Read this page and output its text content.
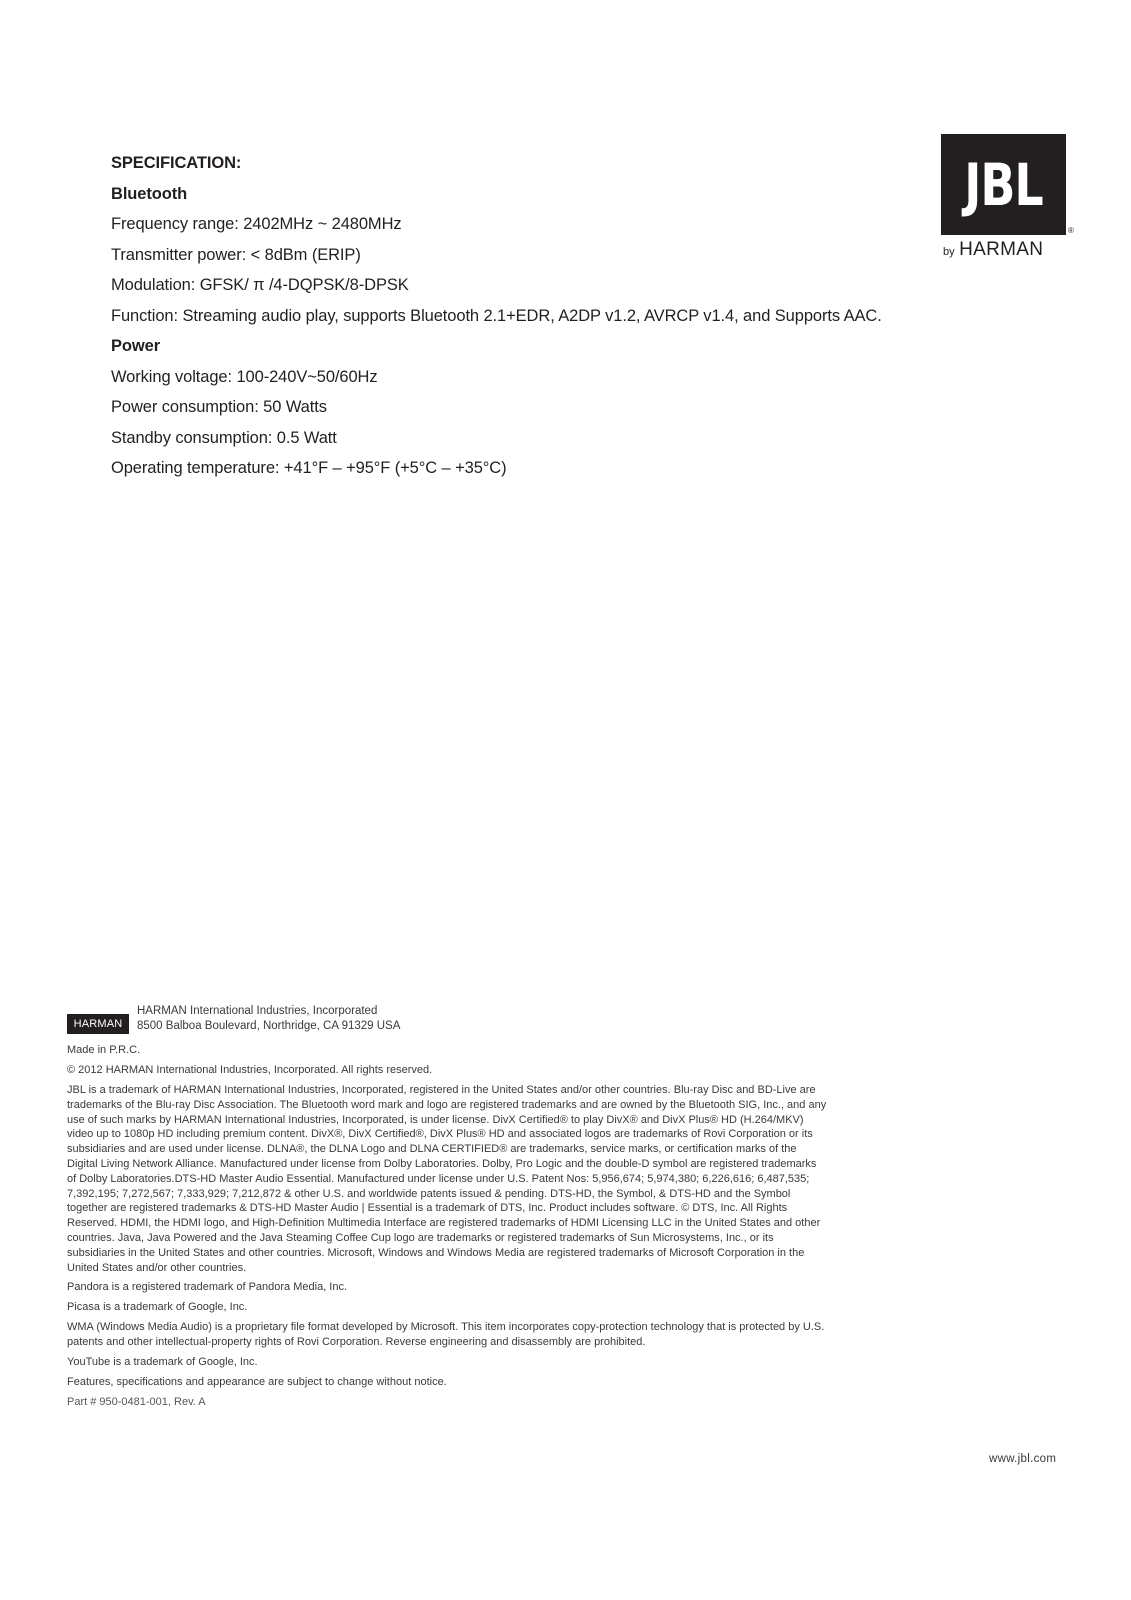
SPECIFICATION:
Bluetooth
Frequency range: 2402MHz ~ 2480MHz
Transmitter power: < 8dBm (ERIP)
Modulation: GFSK/ π /4-DQPSK/8-DPSK
Function: Streaming audio play, supports Bluetooth 2.1+EDR, A2DP v1.2, AVRCP v1.4, and Supports AAC.
Power
Working voltage: 100-240V~50/60Hz
Power consumption: 50 Watts
Standby consumption: 0.5 Watt
Operating temperature: +41°F – +95°F (+5°C – +35°C)
JBL
®
by HARMAN
HARMAN
HARMAN International Industries, Incorporated
8500 Balboa Boulevard, Northridge, CA 91329 USA

Made in P.R.C.

© 2012 HARMAN International Industries, Incorporated. All rights reserved.

JBL is a trademark of HARMAN International Industries, Incorporated, registered in the United States and/or other countries. Blu-ray Disc and BD-Live are trademarks of the Blu-ray Disc Association. The Bluetooth word mark and logo are registered trademarks and are owned by the Bluetooth SIG, Inc., and any use of such marks by HARMAN International Industries, Incorporated, is under license. DivX Certified® to play DivX® and DivX Plus® HD (H.264/MKV) video up to 1080p HD including premium content. DivX®, DivX Certified®, DivX Plus® HD and associated logos are trademarks of Rovi Corporation or its subsidiaries and are used under license. DLNA®, the DLNA Logo and DLNA CERTIFIED® are trademarks, service marks, or certification marks of the Digital Living Network Alliance. Manufactured under license from Dolby Laboratories. Dolby, Pro Logic and the double-D symbol are registered trademarks of Dolby Laboratories.DTS-HD Master Audio Essential. Manufactured under license under U.S. Patent Nos: 5,956,674; 5,974,380; 6,226,616; 6,487,535; 7,392,195; 7,272,567; 7,333,929; 7,212,872 & other U.S. and worldwide patents issued & pending. DTS-HD, the Symbol, & DTS-HD and the Symbol together are registered trademarks & DTS-HD Master Audio | Essential is a trademark of DTS, Inc. Product includes software. © DTS, Inc. All Rights Reserved. HDMI, the HDMI logo, and High-Definition Multimedia Interface are registered trademarks of HDMI Licensing LLC in the United States and other countries. Java, Java Powered and the Java Steaming Coffee Cup logo are trademarks or registered trademarks of Sun Microsystems, Inc., or its subsidiaries in the United States and other countries. Microsoft, Windows and Windows Media are registered trademarks of Microsoft Corporation in the United States and/or other countries.

Pandora is a registered trademark of Pandora Media, Inc.

Picasa is a trademark of Google, Inc.

WMA (Windows Media Audio) is a proprietary file format developed by Microsoft. This item incorporates copy-protection technology that is protected by U.S. patents and other intellectual-property rights of Rovi Corporation. Reverse engineering and disassembly are prohibited.

YouTube is a trademark of Google, Inc.

Features, specifications and appearance are subject to change without notice.

Part # 950-0481-001, Rev. A

www.jbl.com
